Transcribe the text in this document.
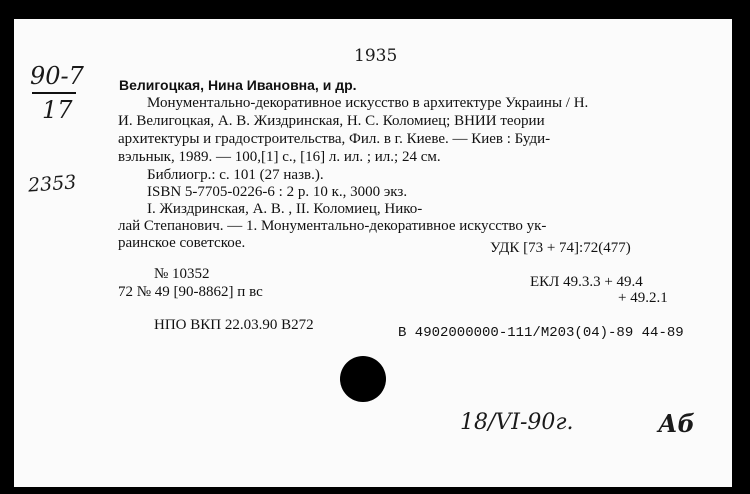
90-7
17
2353
1935
Велигоцкая, Нина Ивановна, и др.
Монументально-декоративное искусство в архитектуре Украины / Н.
И. Велигоцкая, А. В. Жиздринская, Н. С. Коломиец; ВНИИ теории
архитектуры и градостроительства, Фил. в г. Киеве. — Киев : Буди-
вэльнык, 1989. — 100,[1] с., [16] л. ил. ; ил.; 24 см.
Библиогр.: с. 101 (27 назв.).
ISBN 5-7705-0226-6 : 2 р. 10 к., 3000 экз.
I. Жиздринская, А. В. , II. Коломиец, Нико-
лай Степанович. — 1. Монументально-декоративное искусство ук-
раинское советское.	УДК [73 + 74]:72(477)
№ 10352
72 № 49 [90-8862] п вс
ЕКЛ 49.3.3 + 49.4
+ 49.2.1
НПО ВКП 22.03.90 В272	В 4902000000-111/М203(04)-89 44-89
18/VI-90г.	Аб
